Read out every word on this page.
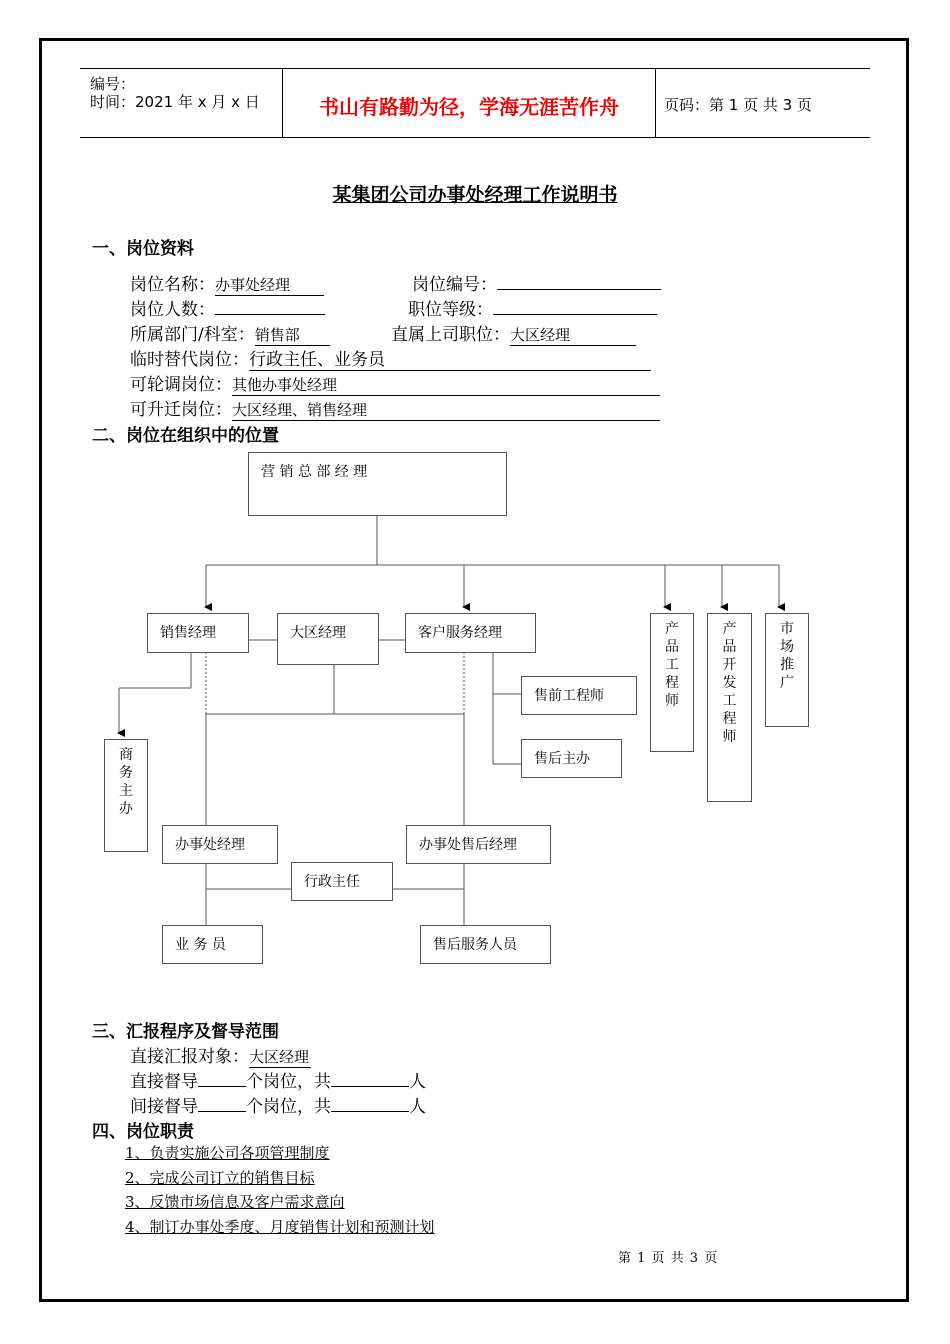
编号：
时间：2021 年 x 月 x 日	书山有路勤为径，学海无涯苦作舟	页码：第 1 页 共 3 页
某集团公司办事处经理工作说明书
一、岗位资料
岗位名称：办事处经理	岗位编号：
岗位人数：	职位等级：
所属部门/科室：销售部	直属上司职位：大区经理
临时替代岗位：行政主任、业务员
可轮调岗位：其他办事处经理
可升迁岗位：大区经理、销售经理
二、岗位在组织中的位置
营 销 总 部 经 理
销售经理	大区经理	客户服务经理	产品工程师
产品开发工程师
市场推广
售前工程师
售后主办
商务主办
办事处经理	办事处售后经理
行政主任
业 务 员	售后服务人员
三、汇报程序及督导范围
直接汇报对象：大区经理
直接督导	个岗位，共	人
间接督导	个岗位，共	人
四、岗位职责
1、负责实施公司各项管理制度
2、完成公司订立的销售目标
3、反馈市场信息及客户需求意向
4、制订办事处季度、月度销售计划和预测计划
第 1 页 共 3 页
